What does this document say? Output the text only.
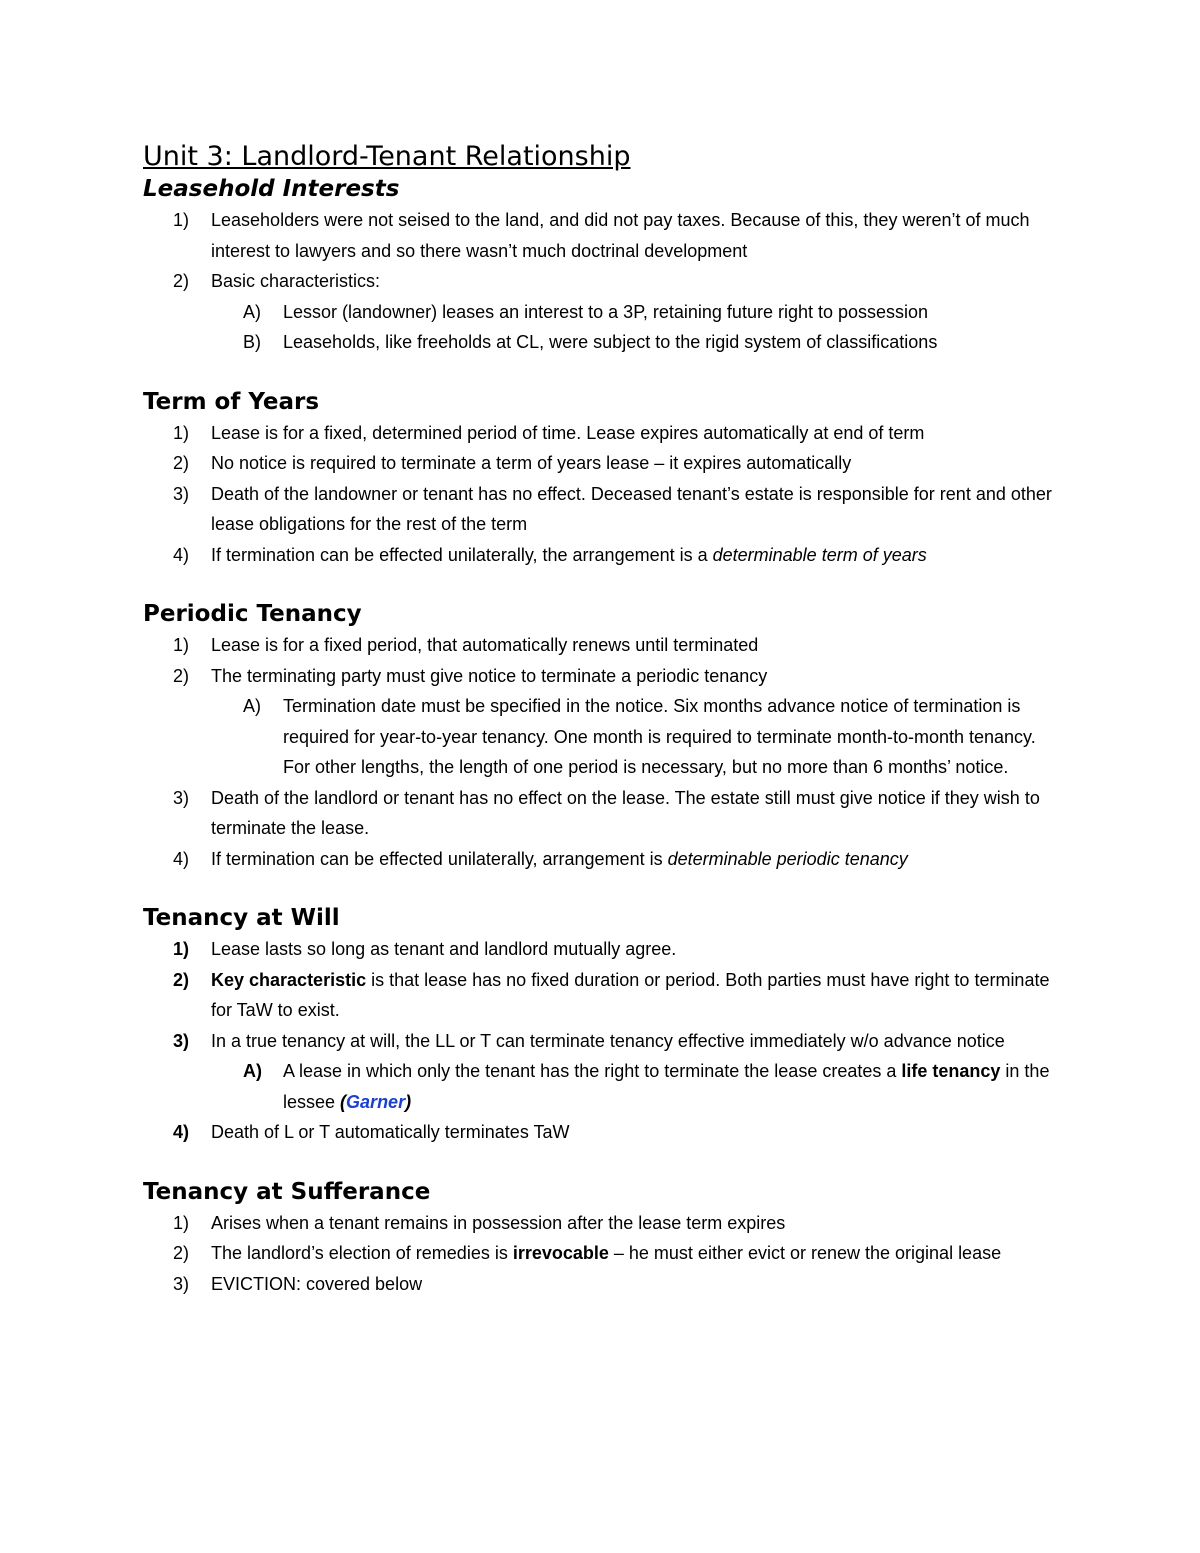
Unit 3: Landlord-Tenant Relationship
Leasehold Interests
1)	Leaseholders were not seised to the land, and did not pay taxes. Because of this, they weren’t of much interest to lawyers and so there wasn’t much doctrinal development
2)	Basic characteristics:
A)	Lessor (landowner) leases an interest to a 3P, retaining future right to possession
B)	Leaseholds, like freeholds at CL, were subject to the rigid system of classifications
Term of Years
1)	Lease is for a fixed, determined period of time. Lease expires automatically at end of term
2)	No notice is required to terminate a term of years lease – it expires automatically
3)	Death of the landowner or tenant has no effect. Deceased tenant’s estate is responsible for rent and other lease obligations for the rest of the term
4)	If termination can be effected unilaterally, the arrangement is a determinable term of years
Periodic Tenancy
1)	Lease is for a fixed period, that automatically renews until terminated
2)	The terminating party must give notice to terminate a periodic tenancy
A)	Termination date must be specified in the notice. Six months advance notice of termination is required for year-to-year tenancy. One month is required to terminate month-to-month tenancy. For other lengths, the length of one period is necessary, but no more than 6 months’ notice.
3)	Death of the landlord or tenant has no effect on the lease. The estate still must give notice if they wish to terminate the lease.
4)	If termination can be effected unilaterally, arrangement is determinable periodic tenancy
Tenancy at Will
1)	Lease lasts so long as tenant and landlord mutually agree.
2)	Key characteristic is that lease has no fixed duration or period. Both parties must have right to terminate for TaW to exist.
3)	In a true tenancy at will, the LL or T can terminate tenancy effective immediately w/o advance notice
A)	A lease in which only the tenant has the right to terminate the lease creates a life tenancy in the lessee (Garner)
4)	Death of L or T automatically terminates TaW
Tenancy at Sufferance
1)	Arises when a tenant remains in possession after the lease term expires
2)	The landlord’s election of remedies is irrevocable – he must either evict or renew the original lease
3)	EVICTION: covered below
